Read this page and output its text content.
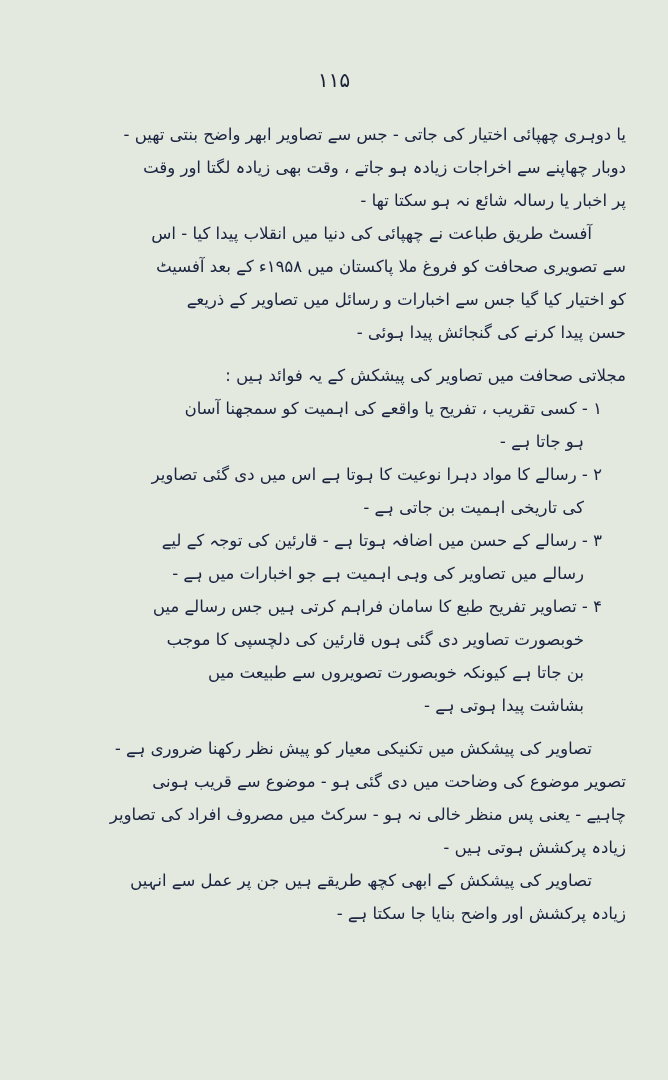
۱۱۵
یا دوہری چھپائی اختیار کی جاتی - جس سے تصاویر ابھر واضح بنتی تھیں -
دوبار چھاپنے سے اخراجات زیادہ ہو جاتے ، وقت بھی زیادہ لگتا اور وقت
پر اخبار یا رسالہ شائع نہ ہو سکتا تھا -
آفسٹ طریق طباعت نے چھپائی کی دنیا میں انقلاب پیدا کیا - اس
سے تصویری صحافت کو فروغ ملا پاکستان میں ۱۹۵۸ء کے بعد آفسیٹ
کو اختیار کیا گیا جس سے اخبارات و رسائل میں تصاویر کے ذریعے
حسن پیدا کرنے کی گنجائش پیدا ہوئی -
مجلاتی صحافت میں تصاویر کی پیشکش کے یہ فوائد ہیں :
۱ - کسی تقریب ، تفریح یا واقعے کی اہمیت کو سمجھنا آسان
ہو جاتا ہے -
۲ - رسالے کا مواد دہرا نوعیت کا ہوتا ہے اس میں دی گئی تصاویر
کی تاریخی اہمیت بن جاتی ہے -
۳ - رسالے کے حسن میں اضافہ ہوتا ہے - قارئین کی توجہ کے لیے
رسالے میں تصاویر کی وہی اہمیت ہے جو اخبارات میں ہے -
۴ - تصاویر تفریح طبع کا سامان فراہم کرتی ہیں جس رسالے میں
خوبصورت تصاویر دی گئی ہوں قارئین کی دلچسپی کا موجب
بن جاتا ہے کیونکہ خوبصورت تصویروں سے طبیعت میں
بشاشت پیدا ہوتی ہے -
تصاویر کی پیشکش میں تکنیکی معیار کو پیش نظر رکھنا ضروری ہے -
تصویر موضوع کی وضاحت میں دی گئی ہو - موضوع سے قریب ہونی
چاہیے - یعنی پس منظر خالی نہ ہو - سرکٹ میں مصروف افراد کی تصاویر
زیادہ پرکشش ہوتی ہیں -
تصاویر کی پیشکش کے ابھی کچھ طریقے ہیں جن پر عمل سے انہیں
زیادہ پرکشش اور واضح بنایا جا سکتا ہے -
